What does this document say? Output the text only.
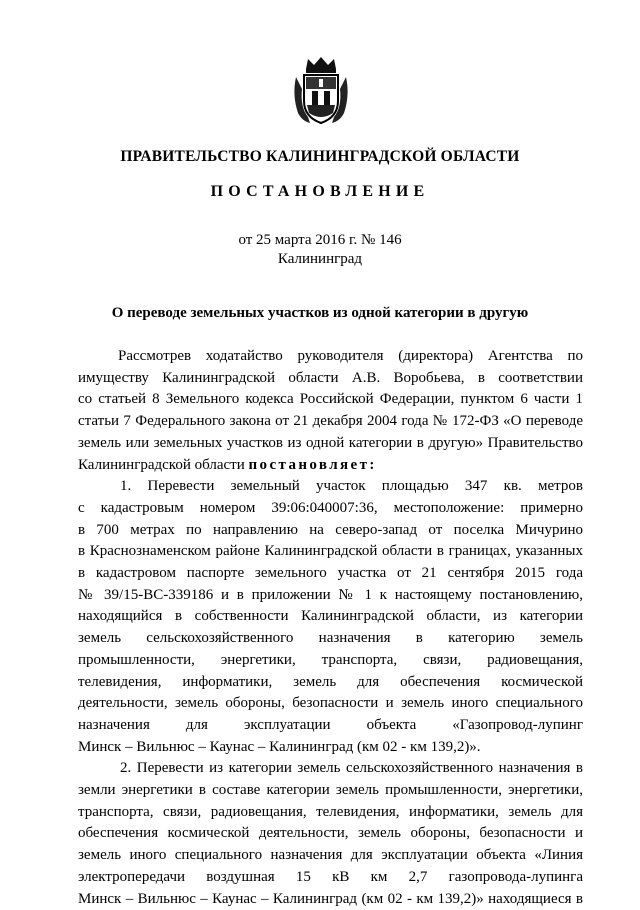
ПРАВИТЕЛЬСТВО КАЛИНИНГРАДСКОЙ ОБЛАСТИ
ПОСТАНОВЛЕНИЕ
от 25 марта 2016 г. № 146
Калининград
О переводе земельных участков из одной категории в другую

Рассмотрев ходатайство руководителя (директора) Агентства по

имуществу Калининградской области А.В. Воробьева, в соответствии

со статьей 8 Земельного кодекса Российской Федерации, пунктом 6 части 1

статьи 7 Федерального закона от 21 декабря 2004 года № 172-ФЗ «О переводе

земель или земельных участков из одной категории в другую» Правительство

Калининградской области постановляет:

1. Перевести земельный участок площадью 347 кв. метров

с кадастровым номером 39:06:040007:36, местоположение: примерно

в 700 метрах по направлению на северо-запад от поселка Мичурино

в Краснознаменском районе Калининградской области в границах, указанных

в кадастровом паспорте земельного участка от 21 сентября 2015 года

№ 39/15-ВС-339186 и в приложении № 1 к настоящему постановлению,

находящийся в собственности Калининградской области, из категории

земель сельскохозяйственного назначения в категорию земель

промышленности, энергетики, транспорта, связи, радиовещания,

телевидения, информатики, земель для обеспечения космической

деятельности, земель обороны, безопасности и земель иного специального

назначения для эксплуатации объекта «Газопровод-лупинг

Минск – Вильнюс – Каунас – Калининград (км 02 - км 139,2)».

2. Перевести из категории земель сельскохозяйственного назначения в

земли энергетики в составе категории земель промышленности, энергетики,

транспорта, связи, радиовещания, телевидения, информатики, земель для

обеспечения космической деятельности, земель обороны, безопасности и

земель иного специального назначения для эксплуатации объекта «Линия

электропередачи воздушная 15 кВ км 2,7 газопровода-лупинга

Минск – Вильнюс – Каунас – Калининград (км 02 - км 139,2)» находящиеся в
